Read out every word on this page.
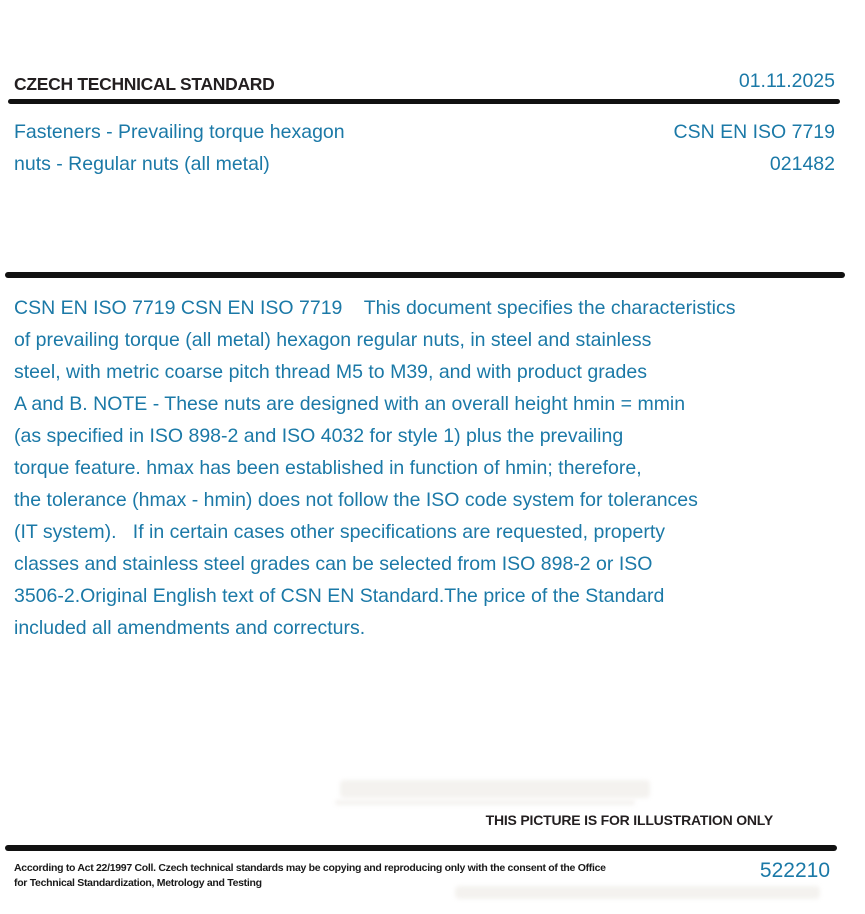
CZECH TECHNICAL STANDARD	01.11.2025
Fasteners - Prevailing torque hexagon
nuts - Regular nuts (all metal)
CSN EN ISO 7719
021482
CSN EN ISO 7719 CSN EN ISO 7719    This document specifies the characteristics
of prevailing torque (all metal) hexagon regular nuts, in steel and stainless
steel, with metric coarse pitch thread M5 to M39, and with product grades
A and B. NOTE - These nuts are designed with an overall height hmin = mmin
(as specified in ISO 898-2 and ISO 4032 for style 1) plus the prevailing
torque feature. hmax has been established in function of hmin; therefore,
the tolerance (hmax - hmin) does not follow the ISO code system for tolerances
(IT system).   If in certain cases other specifications are requested, property
classes and stainless steel grades can be selected from ISO 898-2 or ISO
3506-2.Original English text of CSN EN Standard.The price of the Standard
included all amendments and correcturs.
THIS PICTURE IS FOR ILLUSTRATION ONLY
According to Act 22/1997 Coll. Czech technical standards may be copying and reproducing only with the consent of the Office
for Technical Standardization, Metrology and Testing
522210
